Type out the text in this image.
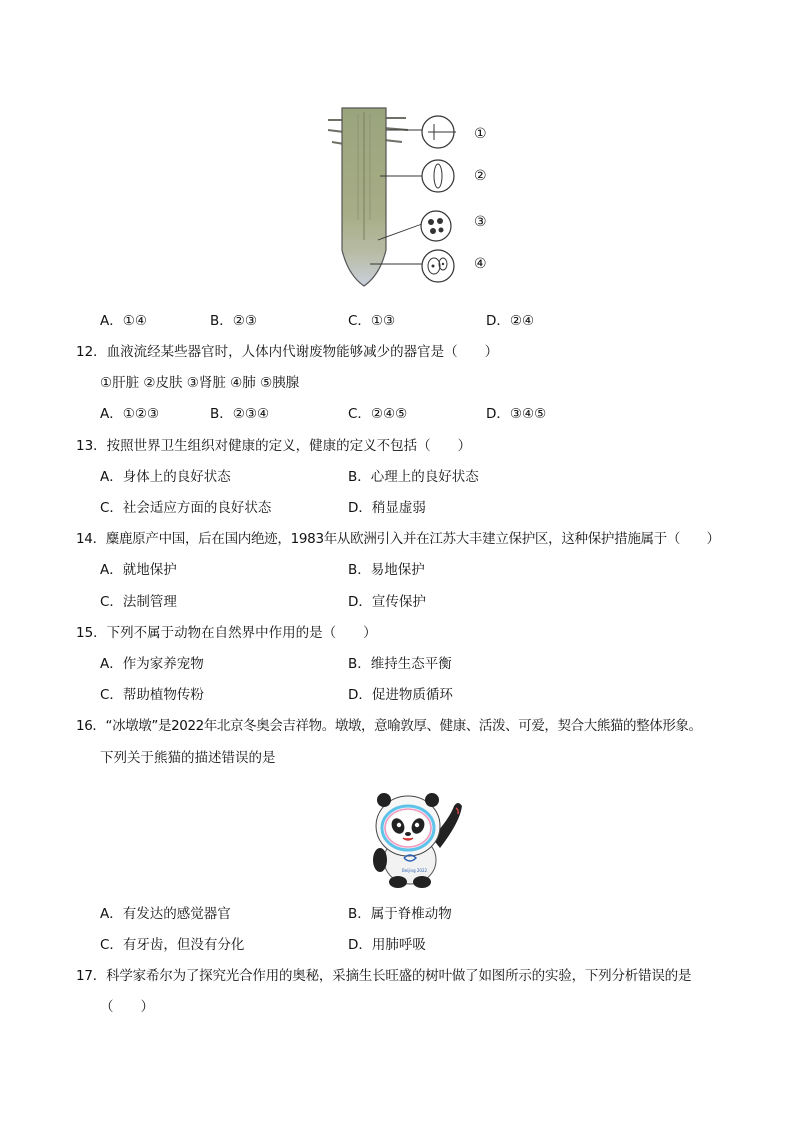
①
②
③
④
A．①④	B．②③	C．①③	D．②④
12．血液流经某些器官时，人体内代谢废物能够减少的器官是（　　）
①肝脏 ②皮肤 ③肾脏 ④肺 ⑤胰腺
A．①②③	B．②③④	C．②④⑤	D．③④⑤
13．按照世界卫生组织对健康的定义，健康的定义不包括（　　）
A．身体上的良好状态	B．心理上的良好状态
C．社会适应方面的良好状态	D．稍显虚弱
14．麋鹿原产中国，后在国内绝迹，1983年从欧洲引入并在江苏大丰建立保护区，这种保护措施属于（　　）
A．就地保护	B．易地保护
C．法制管理	D．宣传保护
15．下列不属于动物在自然界中作用的是（　　）
A．作为家养宠物	B．维持生态平衡
C．帮助植物传粉	D．促进物质循环
16．“冰墩墩”是2022年北京冬奥会吉祥物。墩墩，意喻敦厚、健康、活泼、可爱，契合大熊猫的整体形象。
下列关于熊猫的描述错误的是
Beijing 2022
A．有发达的感觉器官	B．属于脊椎动物
C．有牙齿，但没有分化	D．用肺呼吸
17．科学家希尔为了探究光合作用的奥秘，采摘生长旺盛的树叶做了如图所示的实验，下列分析错误的是
（　　）
